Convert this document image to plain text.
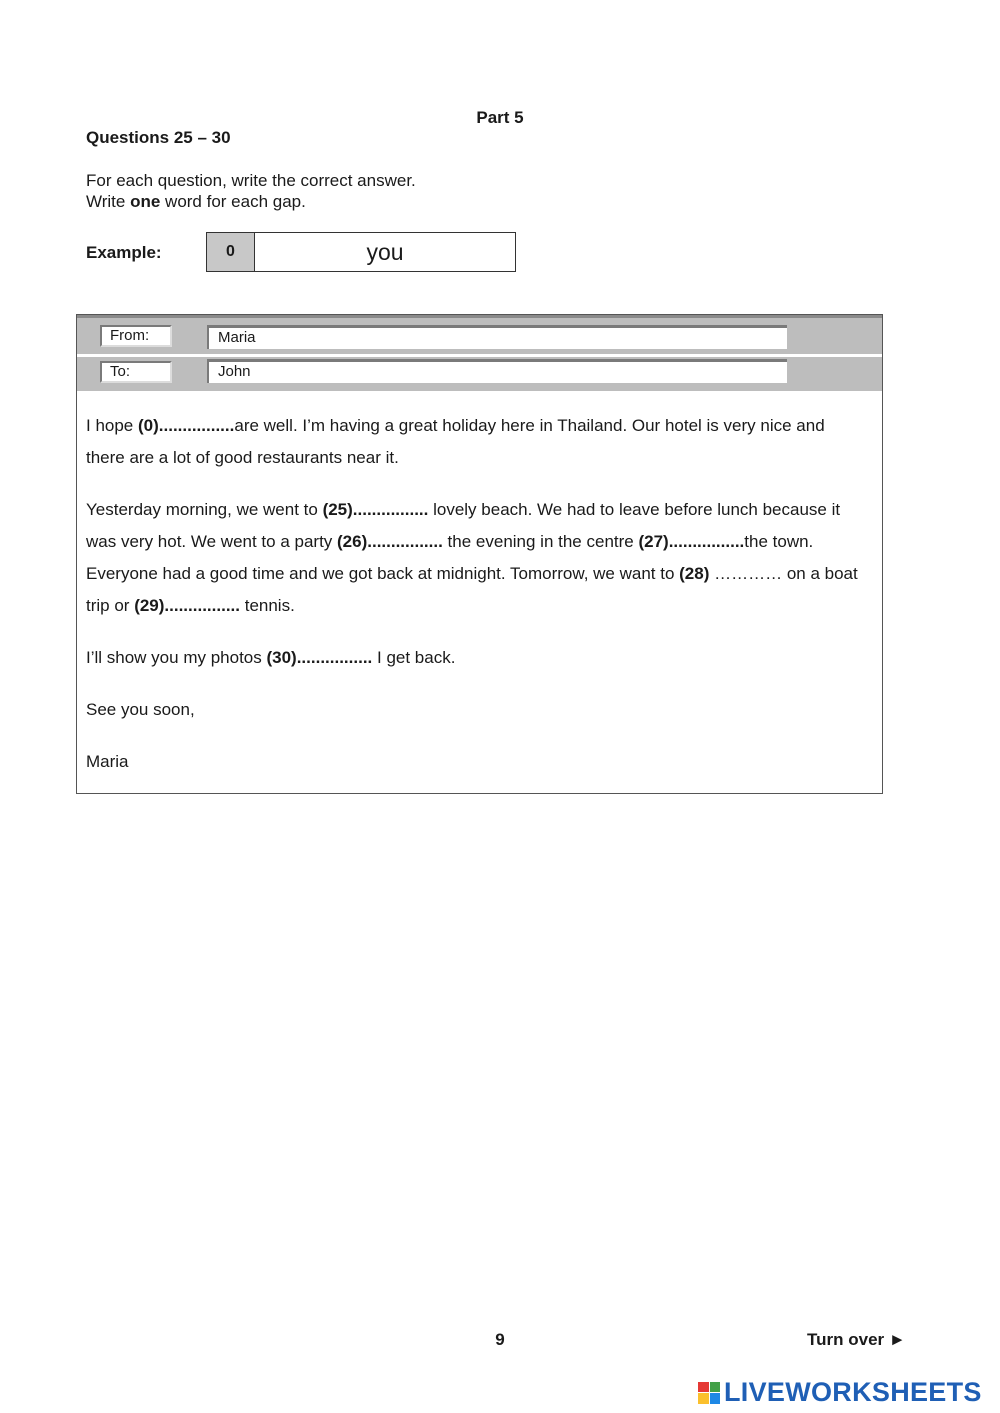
Part 5
Questions 25 – 30
For each question, write the correct answer.
Write one word for each gap.
Example:	0	you
From:	Maria
To:	John

I hope (0)................are well. I’m having a great holiday here in Thailand. Our hotel is very nice and there are a lot of good restaurants near it.

Yesterday morning, we went to (25)................ lovely beach. We had to leave before lunch because it was very hot. We went to a party (26)................ the evening in the centre (27)................the town. Everyone had a good time and we got back at midnight. Tomorrow, we want to (28) ………… on a boat trip or (29)................ tennis.

I’ll show you my photos (30)................ I get back.

See you soon,

Maria

9	Turn over ►
LIVEWORKSHEETS
